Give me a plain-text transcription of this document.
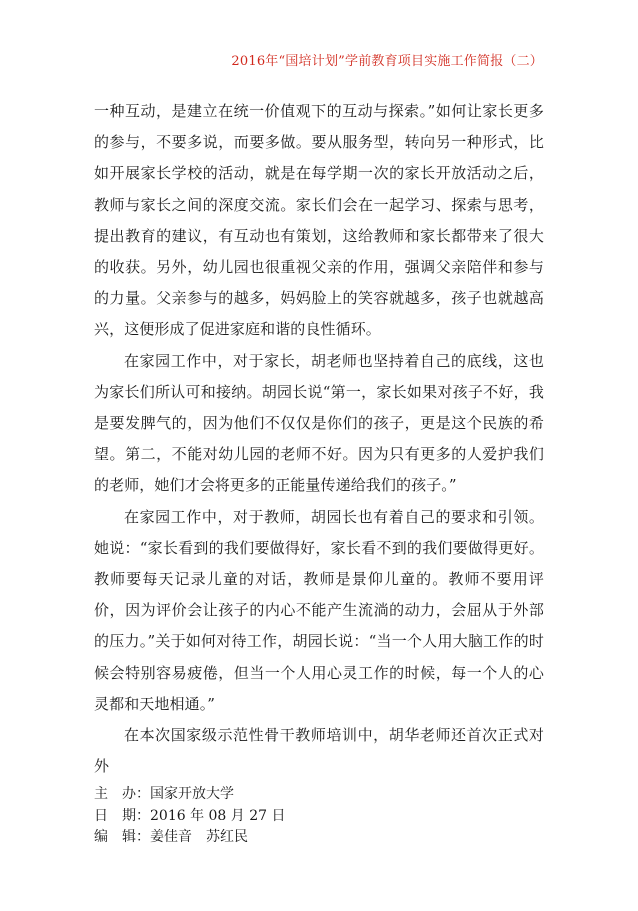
2016年“国培计划”学前教育项目实施工作简报（二）

一种互动，是建立在统一价值观下的互动与探索。”如何让家长更多的参与，不要多说，而要多做。要从服务型，转向另一种形式，比如开展家长学校的活动，就是在每学期一次的家长开放活动之后，教师与家长之间的深度交流。家长们会在一起学习、探索与思考，提出教育的建议，有互动也有策划，这给教师和家长都带来了很大的收获。另外，幼儿园也很重视父亲的作用，强调父亲陪伴和参与的力量。父亲参与的越多，妈妈脸上的笑容就越多，孩子也就越高兴，这便形成了促进家庭和谐的良性循环。

在家园工作中，对于家长，胡老师也坚持着自己的底线，这也为家长们所认可和接纳。胡园长说“第一，家长如果对孩子不好，我是要发脾气的，因为他们不仅仅是你们的孩子，更是这个民族的希望。第二，不能对幼儿园的老师不好。因为只有更多的人爱护我们的老师，她们才会将更多的正能量传递给我们的孩子。”

在家园工作中，对于教师，胡园长也有着自己的要求和引领。她说：“家长看到的我们要做得好，家长看不到的我们要做得更好。教师要每天记录儿童的对话，教师是景仰儿童的。教师不要用评价，因为评价会让孩子的内心不能产生流淌的动力，会屈从于外部的压力。”关于如何对待工作，胡园长说：“当一个人用大脑工作的时候会特别容易疲倦，但当一个人用心灵工作的时候，每一个人的心灵都和天地相通。”

在本次国家级示范性骨干教师培训中，胡华老师还首次正式对外

主　办：国家开放大学
日　期：2016 年 08 月 27 日
编　辑：姜佳音　苏红民
